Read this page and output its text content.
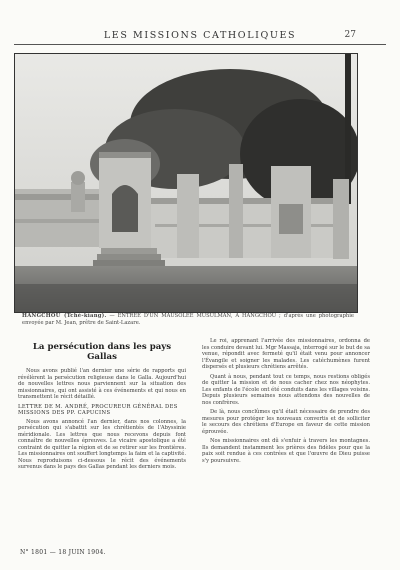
LES MISSIONS CATHOLIQUES	27
HANGCHOU (Tché-kiang). — ENTRÉE D'UN MAUSOLÉE MUSULMAN, A HANGCHOU ; d'après une photographie envoyée par M. Jean, prêtre de Saint-Lazare.
La persécution dans les pays Gallas

Nous avons publié l'an dernier une série de rapports qui révélèrent la persécution religieuse dans le Galla. Aujourd'hui de nouvelles lettres nous parviennent sur la situation des missionnaires, qui ont assisté à ces événements et qui nous en transmettent le récit détaillé.

LETTRE DE M. ANDRÉ, PROCUREUR GÉNÉRAL DES MISSIONS DES PP. CAPUCINS

Nous avons annoncé l'an dernier, dans nos colonnes, la persécution qui s'abattit sur les chrétientés de l'Abyssinie méridionale. Les lettres que nous recevons depuis font connaître de nouvelles épreuves. Le vicaire apostolique a été contraint de quitter la région et de se retirer sur les frontières. Les missionnaires ont souffert longtemps la faim et la captivité. Nous reproduisons ci-dessous le récit des événements survenus dans le pays des Gallas pendant les derniers mois.

Le roi, apprenant l'arrivée des missionnaires, ordonna de les conduire devant lui. Mgr Massaja, interrogé sur le but de sa venue, répondit avec fermeté qu'il était venu pour annoncer l'Évangile et soigner les malades. Les catéchumènes furent dispersés et plusieurs chrétiens arrêtés.

Quant à nous, pendant tout ce temps, nous restions obligés de quitter la mission et de nous cacher chez nos néophytes. Les enfants de l'école ont été conduits dans les villages voisins. Depuis plusieurs semaines nous attendons des nouvelles de nos confrères.

De là, nous conclûmes qu'il était nécessaire de prendre des mesures pour protéger les nouveaux convertis et de solliciter le secours des chrétiens d'Europe en faveur de cette mission éprouvée.

Nos missionnaires ont dû s'enfuir à travers les montagnes. Ils demandent instamment les prières des fidèles pour que la paix soit rendue à ces contrées et que l'œuvre de Dieu puisse s'y poursuivre.

N° 1801 — 18 JUIN 1904.
